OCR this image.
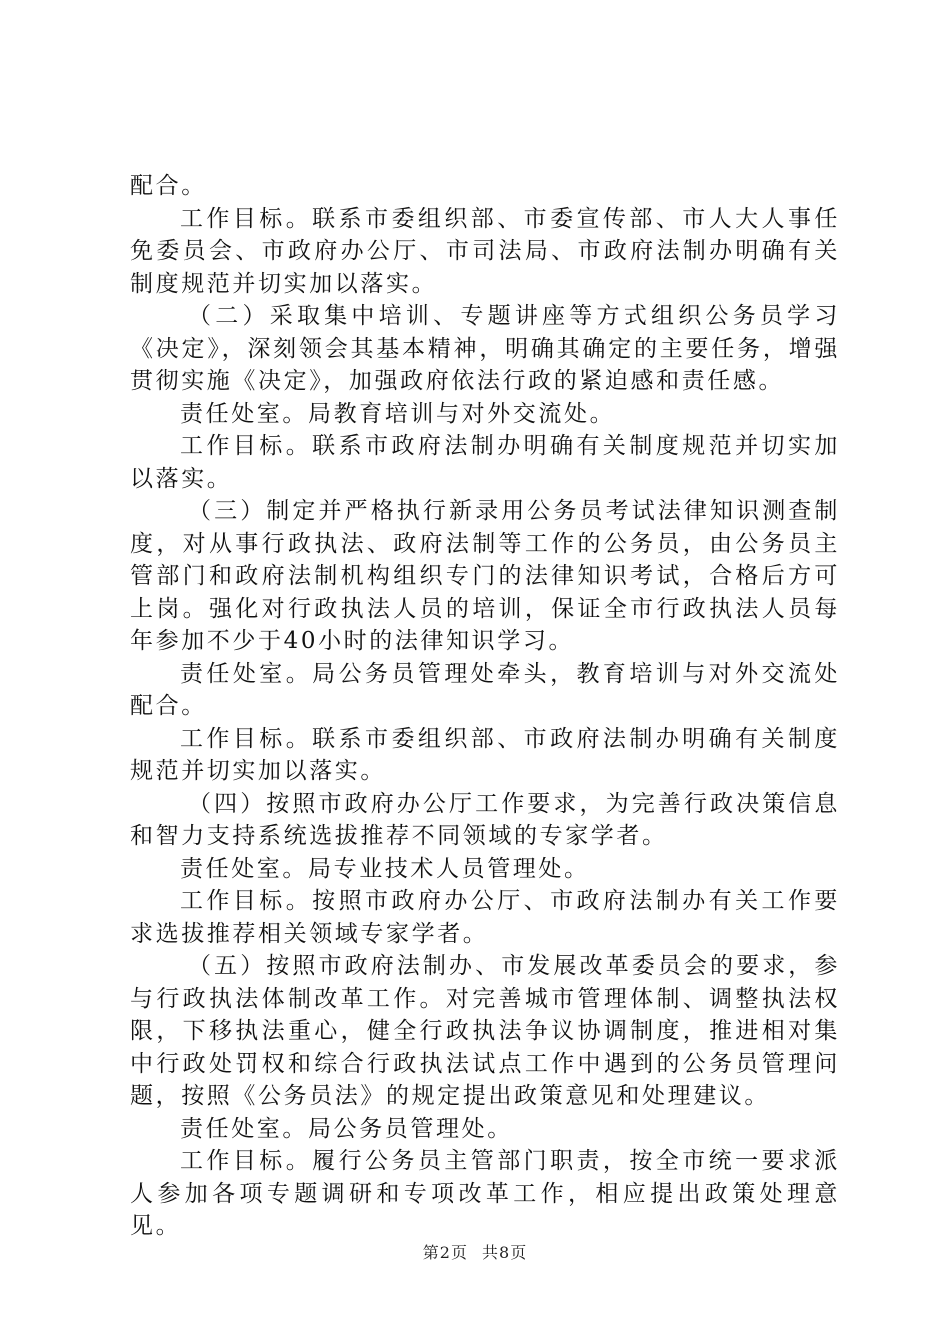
配合。

工作目标。联系市委组织部、市委宣传部、市人大人事任免委员会、市政府办公厅、市司法局、市政府法制办明确有关制度规范并切实加以落实。

（二）采取集中培训、专题讲座等方式组织公务员学习《决定》，深刻领会其基本精神，明确其确定的主要任务，增强贯彻实施《决定》，加强政府依法行政的紧迫感和责任感。

责任处室。局教育培训与对外交流处。

工作目标。联系市政府法制办明确有关制度规范并切实加以落实。

（三）制定并严格执行新录用公务员考试法律知识测查制度，对从事行政执法、政府法制等工作的公务员，由公务员主管部门和政府法制机构组织专门的法律知识考试，合格后方可上岗。强化对行政执法人员的培训，保证全市行政执法人员每年参加不少于40小时的法律知识学习。

责任处室。局公务员管理处牵头，教育培训与对外交流处配合。

工作目标。联系市委组织部、市政府法制办明确有关制度规范并切实加以落实。

（四）按照市政府办公厅工作要求，为完善行政决策信息和智力支持系统选拔推荐不同领域的专家学者。

责任处室。局专业技术人员管理处。

工作目标。按照市政府办公厅、市政府法制办有关工作要求选拔推荐相关领域专家学者。

（五）按照市政府法制办、市发展改革委员会的要求，参与行政执法体制改革工作。对完善城市管理体制、调整执法权限，下移执法重心，健全行政执法争议协调制度，推进相对集中行政处罚权和综合行政执法试点工作中遇到的公务员管理问题，按照《公务员法》的规定提出政策意见和处理建议。

责任处室。局公务员管理处。

工作目标。履行公务员主管部门职责，按全市统一要求派人参加各项专题调研和专项改革工作，相应提出政策处理意见。

第2页 共8页
